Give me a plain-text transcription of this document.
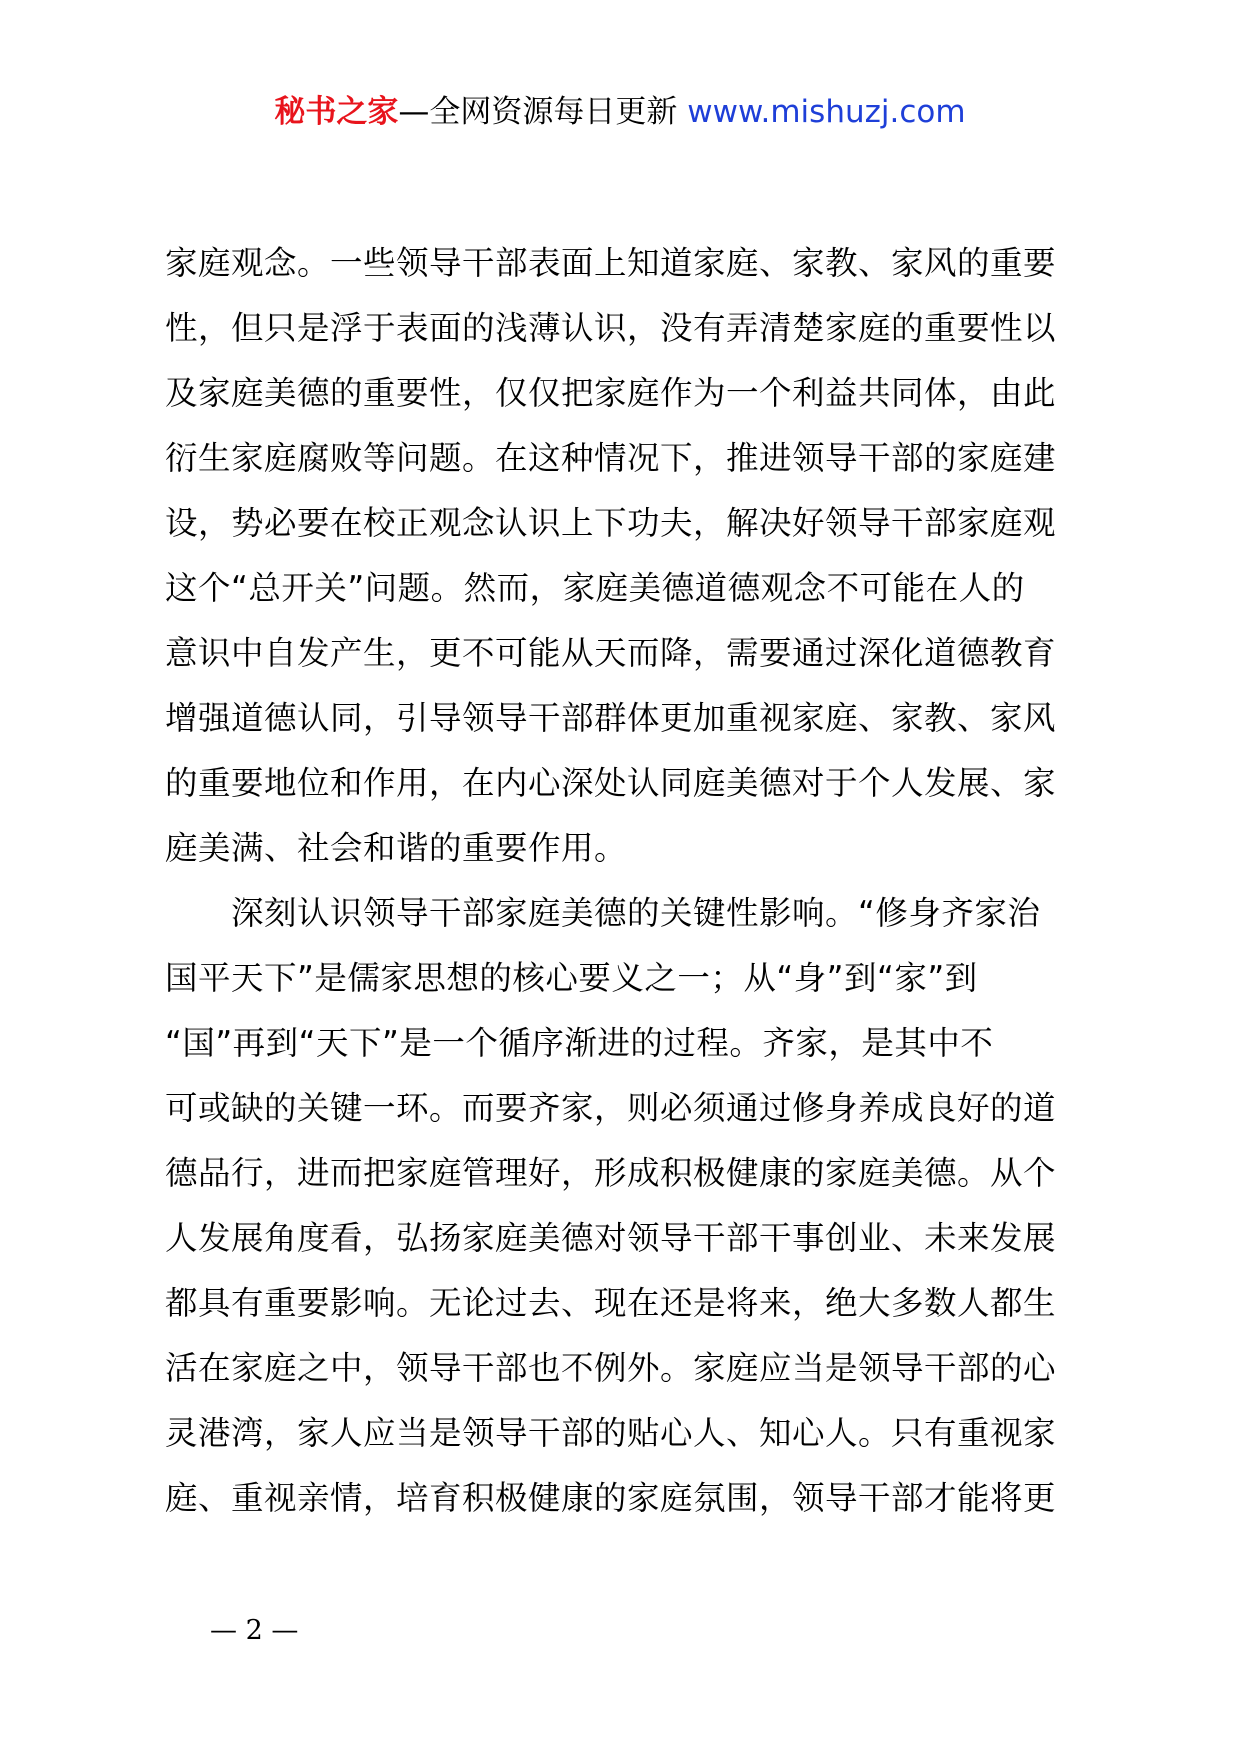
秘书之家—全网资源每日更新 www.mishuzj.com
家庭观念。一些领导干部表面上知道家庭、家教、家风的重要
性，但只是浮于表面的浅薄认识，没有弄清楚家庭的重要性以
及家庭美德的重要性，仅仅把家庭作为一个利益共同体，由此
衍生家庭腐败等问题。在这种情况下，推进领导干部的家庭建
设，势必要在校正观念认识上下功夫，解决好领导干部家庭观
这个“总开关”问题。然而，家庭美德道德观念不可能在人的
意识中自发产生，更不可能从天而降，需要通过深化道德教育
增强道德认同，引导领导干部群体更加重视家庭、家教、家风
的重要地位和作用，在内心深处认同庭美德对于个人发展、家
庭美满、社会和谐的重要作用。
　　深刻认识领导干部家庭美德的关键性影响。“修身齐家治
国平天下”是儒家思想的核心要义之一；从“身”到“家”到
“国”再到“天下”是一个循序渐进的过程。齐家，是其中不
可或缺的关键一环。而要齐家，则必须通过修身养成良好的道
德品行，进而把家庭管理好，形成积极健康的家庭美德。从个
人发展角度看，弘扬家庭美德对领导干部干事创业、未来发展
都具有重要影响。无论过去、现在还是将来，绝大多数人都生
活在家庭之中，领导干部也不例外。家庭应当是领导干部的心
灵港湾，家人应当是领导干部的贴心人、知心人。只有重视家
庭、重视亲情，培育积极健康的家庭氛围，领导干部才能将更
— 2 —
